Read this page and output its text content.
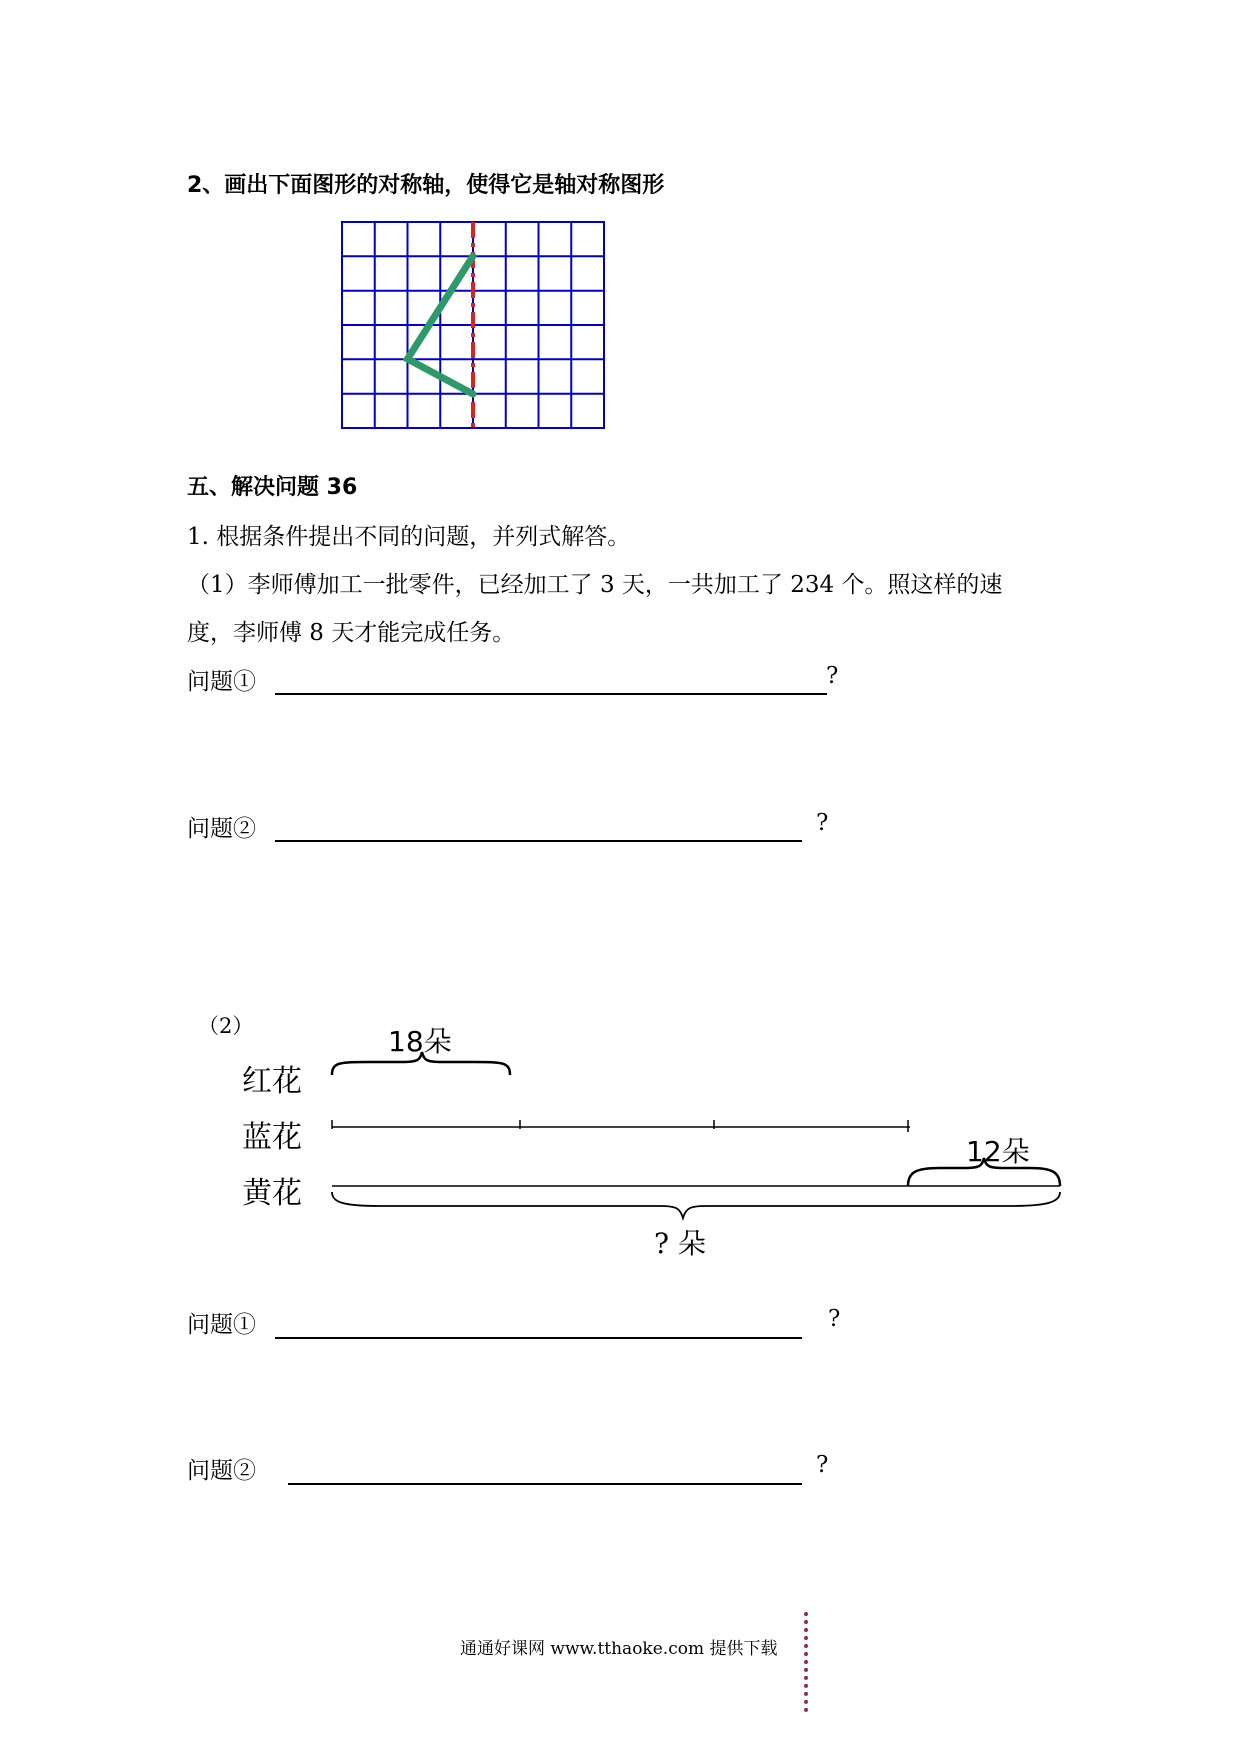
2、画出下面图形的对称轴，使得它是轴对称图形
五、解决问题 36
1. 根据条件提出不同的问题，并列式解答。
（1）李师傅加工一批零件，已经加工了 3 天，一共加工了 234 个。照这样的速
度，李师傅 8 天才能完成任务。
问题①	?
问题②	?
（2）
红花
蓝花
黄花
18朵
12朵
? 朵
问题①	?
问题②	?
通通好课网 www.tthaoke.com 提供下载
